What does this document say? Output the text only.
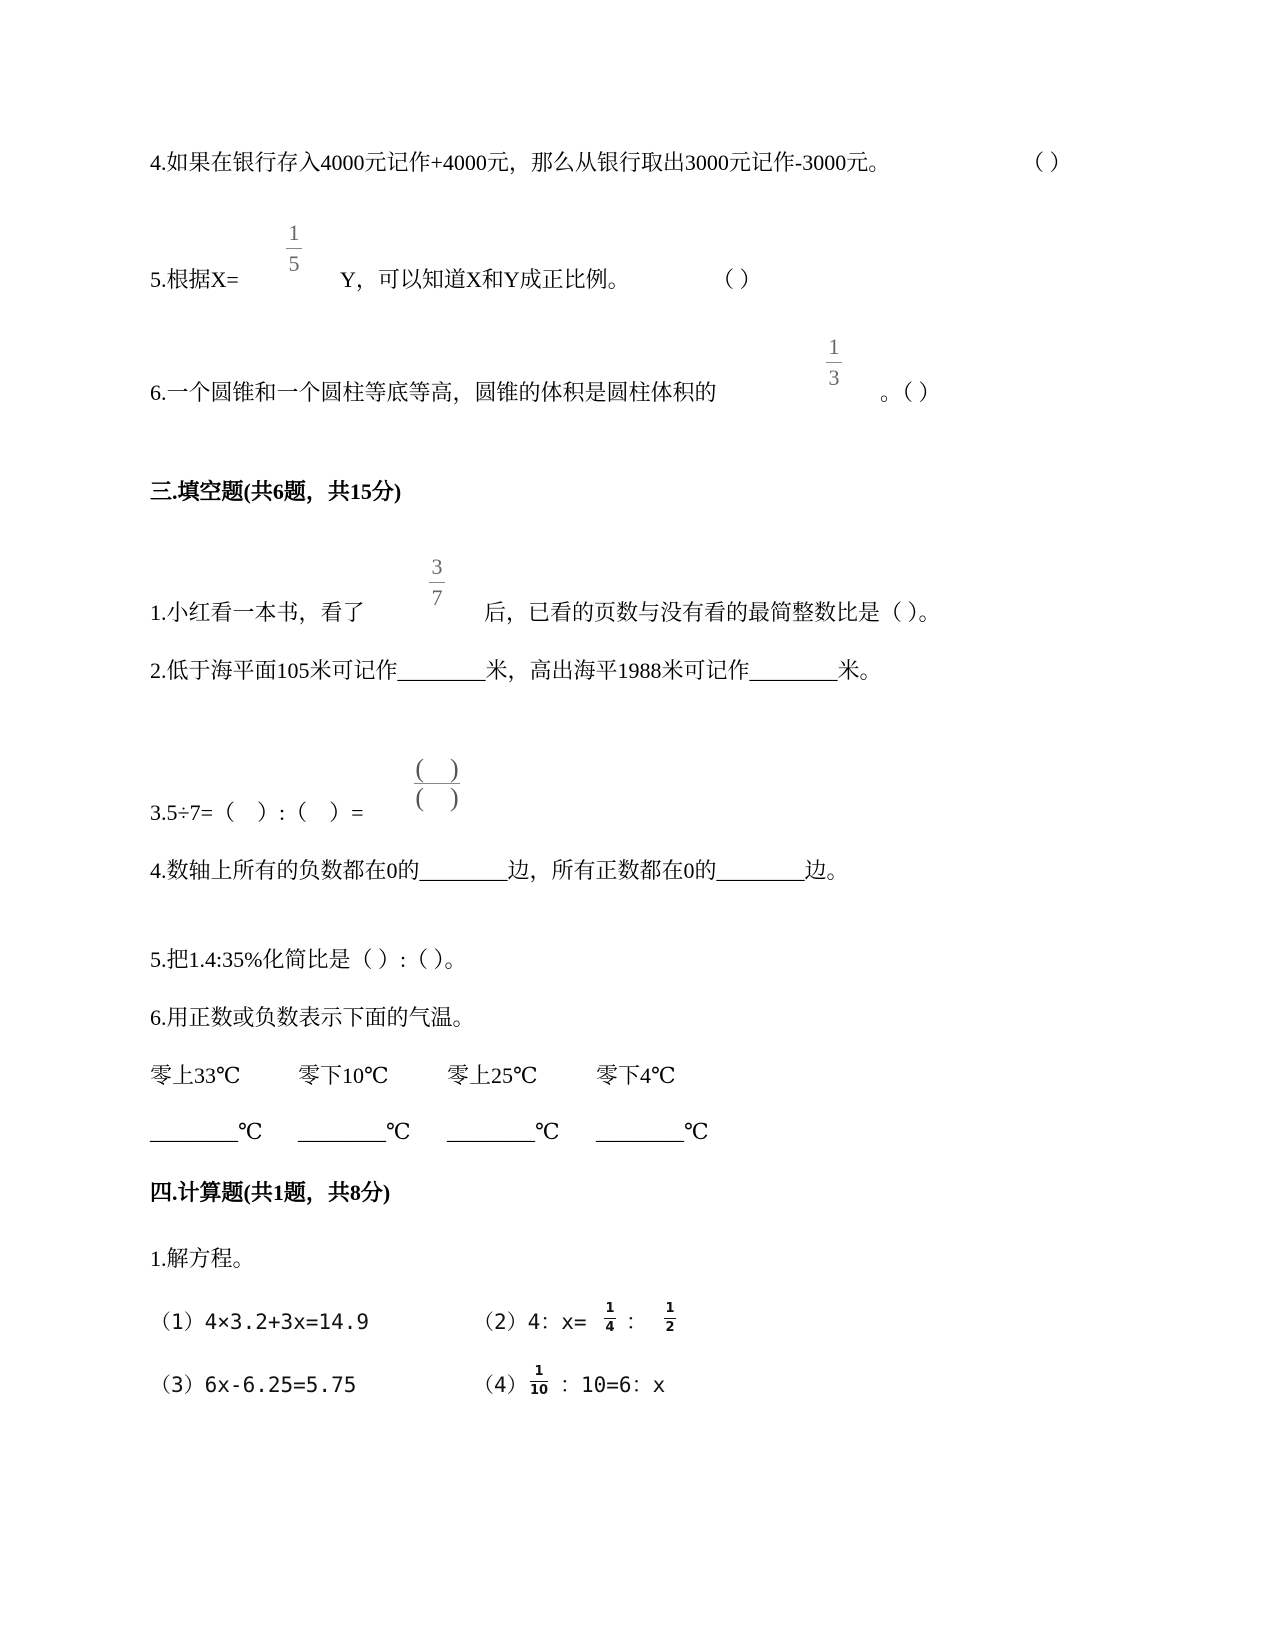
4.如果在银行存入4000元记作+4000元，那么从银行取出3000元记作-3000元。	（ ）
5.根据X=
1
5
Y，可以知道X和Y成正比例。	（ ）
6.一个圆锥和一个圆柱等底等高，圆锥的体积是圆柱体积的
1
3
。（ ）
三.填空题(共6题，共15分)
1.小红看一本书，看了
3
7
后，已看的页数与没有看的最简整数比是（ ）。
2.低于海平面105米可记作________米，高出海平1988米可记作________米。
3.5÷7=（　）:（　）=
(　)
(　)
4.数轴上所有的负数都在0的________边，所有正数都在0的________边。
5.把1.4:35%化简比是（ ）:（ ）。
6.用正数或负数表示下面的气温。
零上33℃	零下10℃	零上25℃	零下4℃
________℃ ________℃ ________℃ ________℃
四.计算题(共1题，共8分)
1.解方程。
（1）4×3.2+3x=14.9	（2）4：x=
1
4 ：
1
2
（3）6x-6.25=5.75	（4）
1
10 ：10=6：x
